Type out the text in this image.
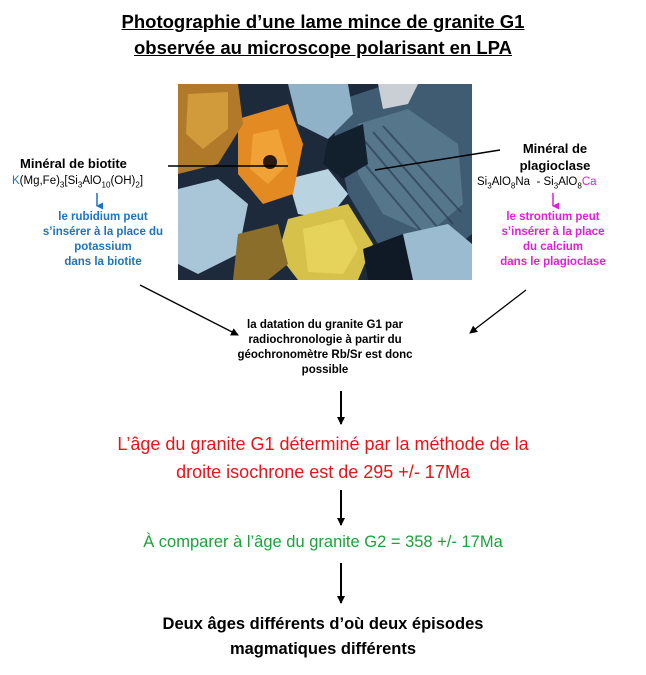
Photographie d’une lame mince de granite G1
observée au microscope polarisant en LPA
Minéral de biotite
$K(Mg,Fe)_3[Si_3AlO_{10}(OH)_2]$
le rubidium peut
s’insérer à la place du
potassium
dans la biotite
Minéral de
plagioclase
$Si_3AlO_8Na - Si_3AlO_8Ca$
le strontium peut
s’insérer à la place
du calcium
dans le plagioclase
la datation du granite G1 par
radiochronologie à partir du
géochronomètre Rb/Sr est donc
possible
L’âge du granite G1 déterminé par la méthode de la
droite isochrone est de 295 +/- 17Ma
À comparer à l’âge du granite G2 = 358 +/- 17Ma
Deux âges différents d’où deux épisodes
magmatiques différents
